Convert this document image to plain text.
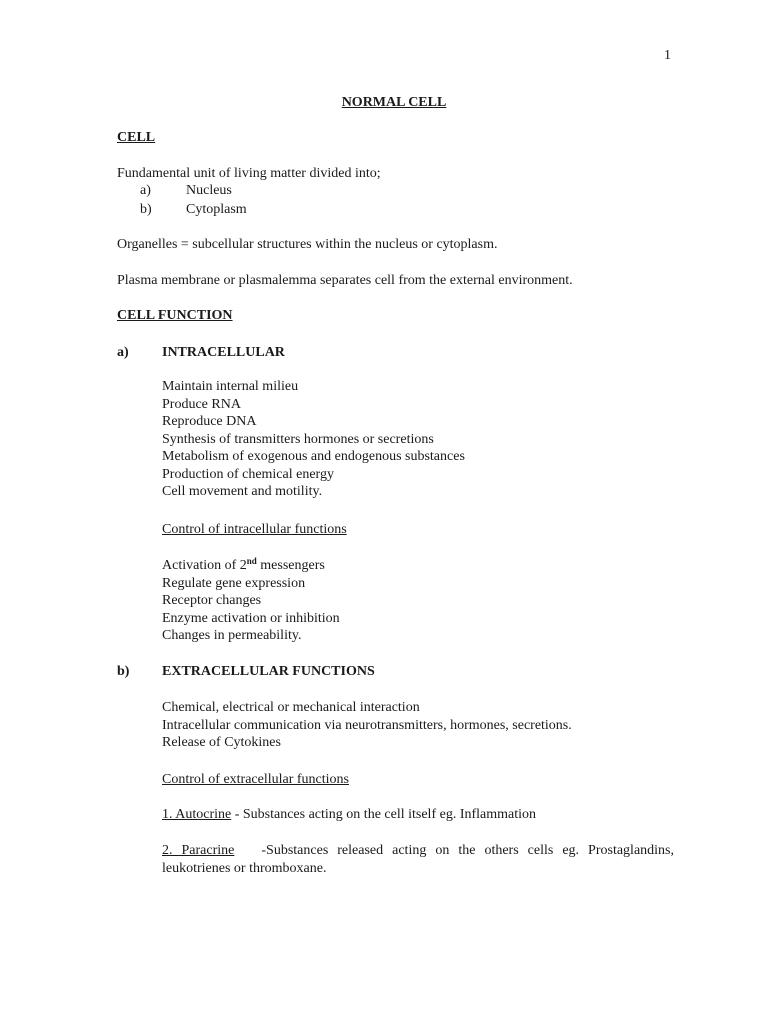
1
NORMAL CELL
CELL
Fundamental unit of living matter divided into;
a)	Nucleus
b) Cytoplasm
Organelles = subcellular structures within the nucleus or cytoplasm.
Plasma membrane or plasmalemma separates cell from the external environment.
CELL FUNCTION
a) INTRACELLULAR
Maintain internal milieu
Produce RNA
Reproduce DNA
Synthesis of transmitters hormones or secretions
Metabolism of exogenous and endogenous substances
Production of chemical energy
Cell movement and motility.
Control of intracellular functions
Activation of 2nd messengers
Regulate gene expression
Receptor changes
Enzyme activation or inhibition
Changes in permeability.
b) EXTRACELLULAR FUNCTIONS
Chemical, electrical or mechanical interaction
Intracellular communication via neurotransmitters, hormones, secretions.
Release of Cytokines
Control of extracellular functions
1. Autocrine - Substances acting on the cell itself eg. Inflammation
2. Paracrine   -Substances released acting on the others cells eg. Prostaglandins, leukotrienes or thromboxane.
